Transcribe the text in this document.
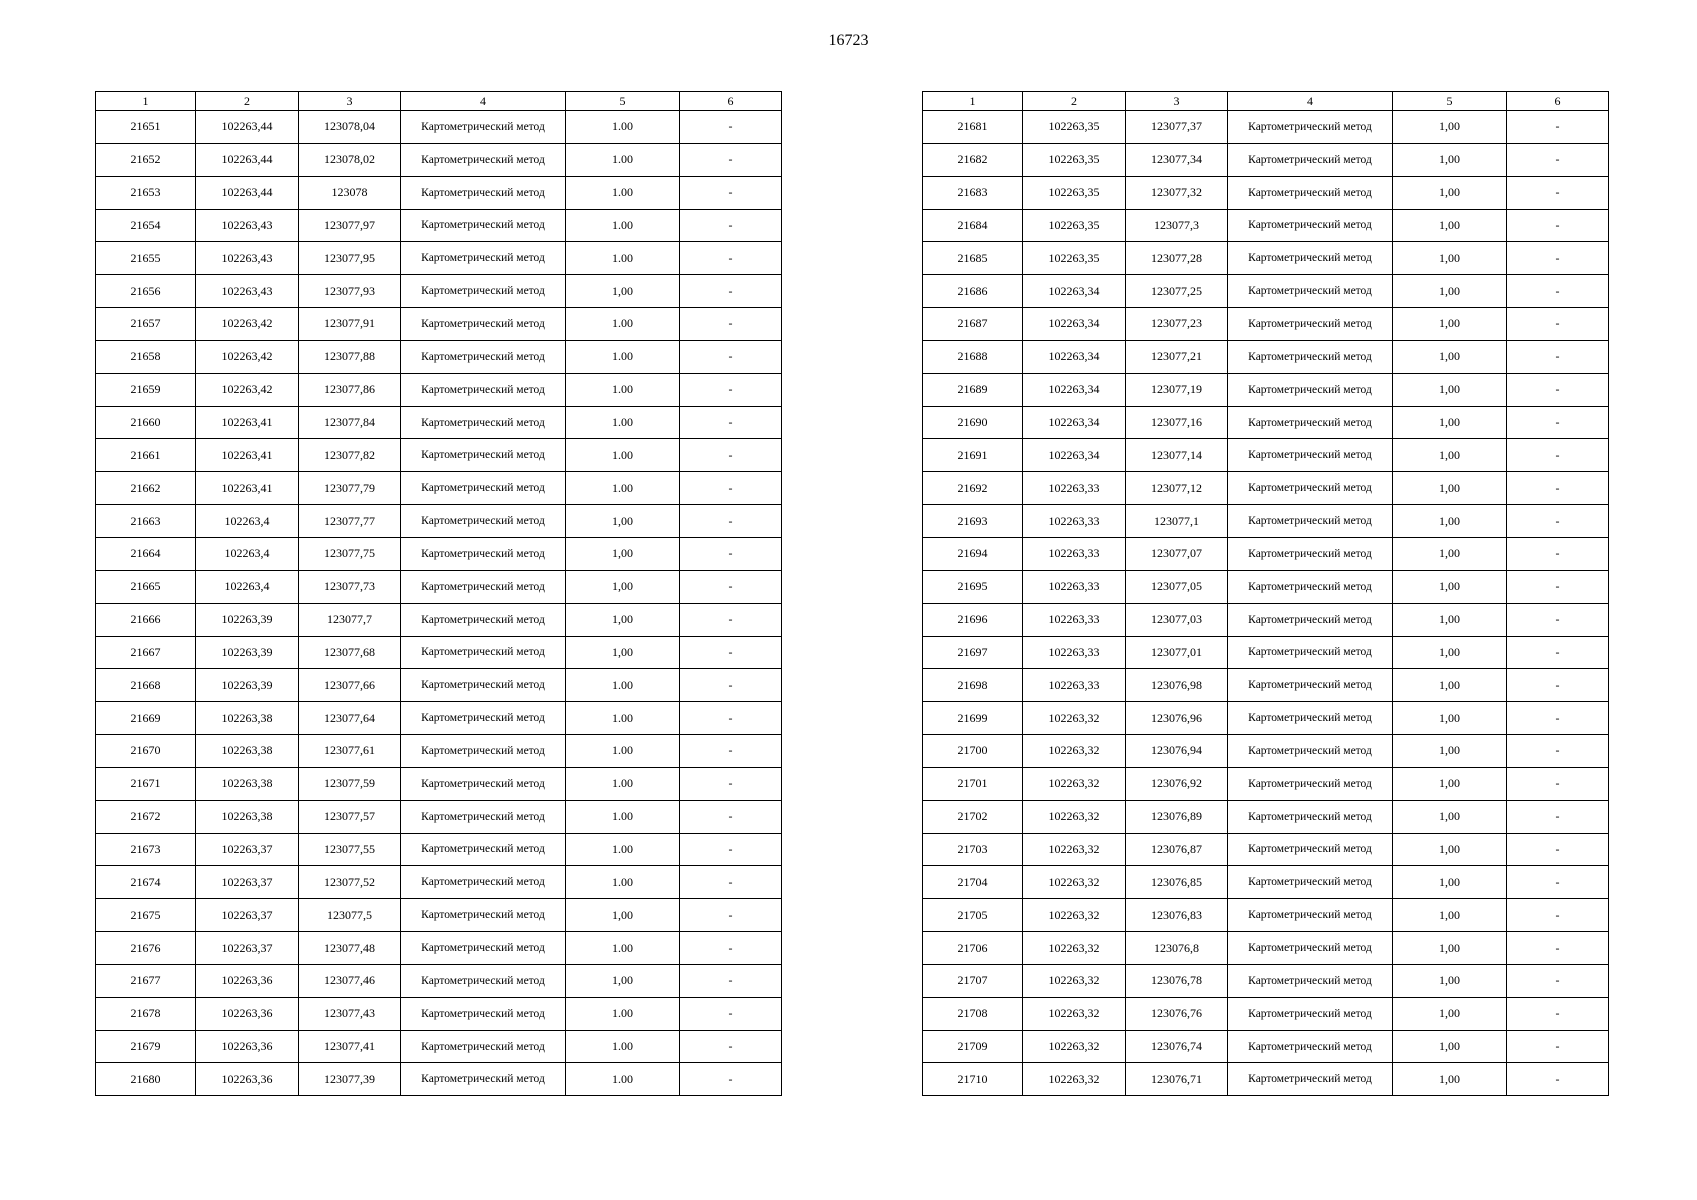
16723
1	2	3	4	5	6
21651	102263,44	123078,04	Картометрический метод	1.00	-
21652	102263,44	123078,02	Картометрический метод	1.00	-
21653	102263,44	123078	Картометрический метод	1.00	-
21654	102263,43	123077,97	Картометрический метод	1.00	-
21655	102263,43	123077,95	Картометрический метод	1.00	-
21656	102263,43	123077,93	Картометрический метод	1,00	-
21657	102263,42	123077,91	Картометрический метод	1.00	-
21658	102263,42	123077,88	Картометрический метод	1.00	-
21659	102263,42	123077,86	Картометрический метод	1.00	-
21660	102263,41	123077,84	Картометрический метод	1.00	-
21661	102263,41	123077,82	Картометрический метод	1.00	-
21662	102263,41	123077,79	Картометрический метод	1.00	-
21663	102263,4	123077,77	Картометрический метод	1,00	-
21664	102263,4	123077,75	Картометрический метод	1,00	-
21665	102263,4	123077,73	Картометрический метод	1,00	-
21666	102263,39	123077,7	Картометрический метод	1,00	-
21667	102263,39	123077,68	Картометрический метод	1,00	-
21668	102263,39	123077,66	Картометрический метод	1.00	-
21669	102263,38	123077,64	Картометрический метод	1.00	-
21670	102263,38	123077,61	Картометрический метод	1.00	-
21671	102263,38	123077,59	Картометрический метод	1.00	-
21672	102263,38	123077,57	Картометрический метод	1.00	-
21673	102263,37	123077,55	Картометрический метод	1.00	-
21674	102263,37	123077,52	Картометрический метод	1.00	-
21675	102263,37	123077,5	Картометрический метод	1,00	-
21676	102263,37	123077,48	Картометрический метод	1.00	-
21677	102263,36	123077,46	Картометрический метод	1,00	-
21678	102263,36	123077,43	Картометрический метод	1.00	-
21679	102263,36	123077,41	Картометрический метод	1.00	-
21680	102263,36	123077,39	Картометрический метод	1.00	-
1	2	3	4	5	6
21681	102263,35	123077,37	Картометрический метод	1,00	-
21682	102263,35	123077,34	Картометрический метод	1,00	-
21683	102263,35	123077,32	Картометрический метод	1,00	-
21684	102263,35	123077,3	Картометрический метод	1,00	-
21685	102263,35	123077,28	Картометрический метод	1,00	-
21686	102263,34	123077,25	Картометрический метод	1,00	-
21687	102263,34	123077,23	Картометрический метод	1,00	-
21688	102263,34	123077,21	Картометрический метод	1,00	-
21689	102263,34	123077,19	Картометрический метод	1,00	-
21690	102263,34	123077,16	Картометрический метод	1,00	-
21691	102263,34	123077,14	Картометрический метод	1,00	-
21692	102263,33	123077,12	Картометрический метод	1,00	-
21693	102263,33	123077,1	Картометрический метод	1,00	-
21694	102263,33	123077,07	Картометрический метод	1,00	-
21695	102263,33	123077,05	Картометрический метод	1,00	-
21696	102263,33	123077,03	Картометрический метод	1,00	-
21697	102263,33	123077,01	Картометрический метод	1,00	-
21698	102263,33	123076,98	Картометрический метод	1,00	-
21699	102263,32	123076,96	Картометрический метод	1,00	-
21700	102263,32	123076,94	Картометрический метод	1,00	-
21701	102263,32	123076,92	Картометрический метод	1,00	-
21702	102263,32	123076,89	Картометрический метод	1,00	-
21703	102263,32	123076,87	Картометрический метод	1,00	-
21704	102263,32	123076,85	Картометрический метод	1,00	-
21705	102263,32	123076,83	Картометрический метод	1,00	-
21706	102263,32	123076,8	Картометрический метод	1,00	-
21707	102263,32	123076,78	Картометрический метод	1,00	-
21708	102263,32	123076,76	Картометрический метод	1,00	-
21709	102263,32	123076,74	Картометрический метод	1,00	-
21710	102263,32	123076,71	Картометрический метод	1,00	-
